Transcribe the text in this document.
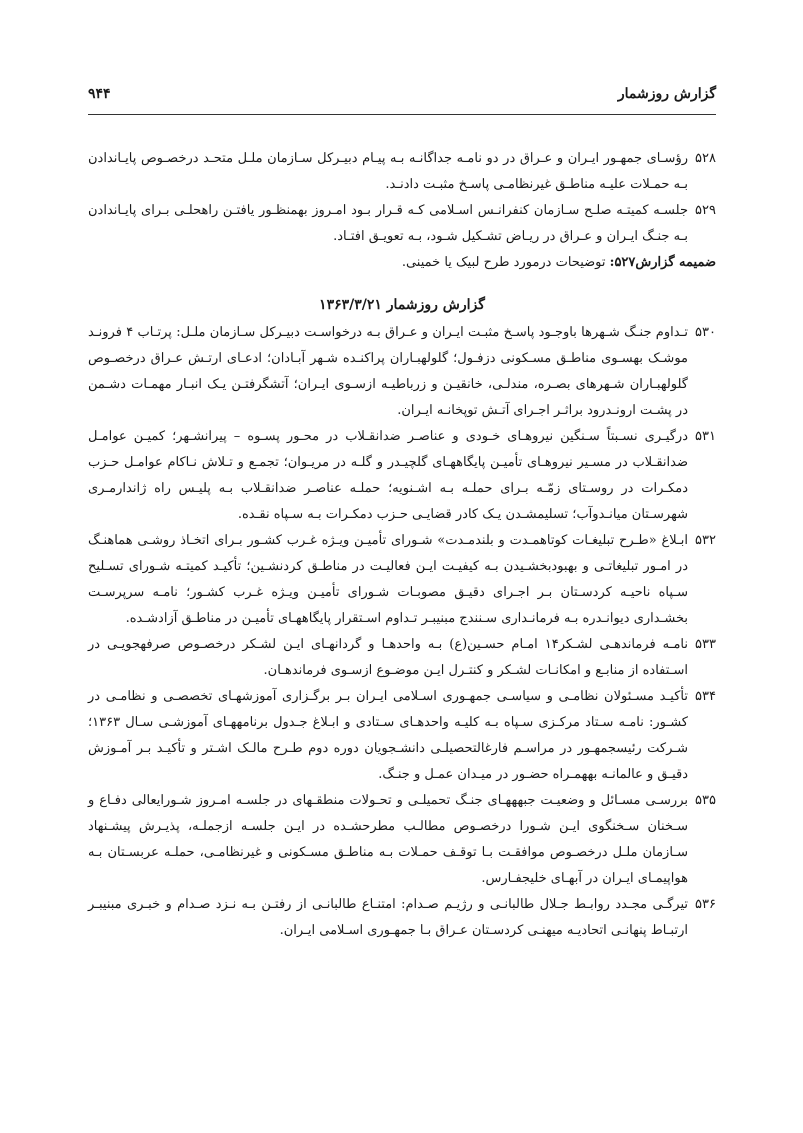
گزارش روزشمار
۹۴۴
۵۲۸
رؤسـای جمهـور ایـران و عـراق در دو نامـه جداگانـه بـه پیـام دبیـرکل سـازمان ملـل متحـد درخصـوص پایـاندادن بـه حمـلات علیـه مناطـق غیرنظامـی پاسـخ مثبـت دادنـد.
۵۲۹
جلسـه کمیتـه صلـح سـازمان کنفرانـس اسـلامی کـه قـرار بـود امـروز بهمنظـور یافتـن راهحلـی بـرای پایـاندادن بـه جنـگ ایـران و عـراق در ریـاض تشـکیل شـود، بـه تعویـق افتـاد.
ضمیمه گزارش۵۲۷: توضیحات درمورد طرح لبیک یا خمینی.
گزارش روزشمار ۱۳۶۳/۳/۲۱
۵۳۰
تـداوم جنـگ شـهرها باوجـود پاسـخ مثبـت ایـران و عـراق بـه درخواسـت دبیـرکل سـازمان ملـل: پرتـاب ۴ فرونـد موشـک بهسـوی مناطـق مسـکونی دزفـول؛ گلولهبـاران پراکنـده شـهر آبـادان؛ ادعـای ارتـش عـراق درخصـوص گلولهبـاران شـهرهای بصـره، مندلـی، خانقیـن و زرباطیـه ازسـوی ایـران؛ آتشگرفتـن یـک انبـار مهمـات دشـمن در پشـت ارونـدرود براثـر اجـرای آتـش توپخانـه ایـران.
۵۳۱
درگیـری نسـبتاً سـنگین نیروهـای خـودی و عناصـر ضدانقـلاب در محـور پسـوه – پیرانشـهر؛ کمیـن عوامـل ضدانقـلاب در مسـیر نیروهـای تأمیـن پایگاههـای گلچیـدر و گلـه در مریـوان؛ تجمـع و تـلاش نـاکام عوامـل حـزب دمکـرات در روسـتای زمّـه بـرای حملـه بـه اشـنویه؛ حملـه عناصـر ضدانقـلاب بـه پلیـس راه ژاندارمـری شهرسـتان میانـدوآب؛ تسلیمشـدن یـک کادر قضایـی حـزب دمکـرات بـه سـپاه نقـده.
۵۳۲
ابـلاغ «طـرح تبلیغـات کوتاهمـدت و بلندمـدت» شـورای تأمیـن ویـژه غـرب کشـور بـرای اتخـاذ روشـی هماهنـگ در امـور تبلیغاتـی و بهبودبخشـیدن بـه کیفیـت ایـن فعالیـت در مناطـق کردنشـین؛ تأکیـد کمیتـه شـورای تسـلیح سـپاه ناحیـه کردسـتان بـر اجـرای دقیـق مصوبـات شـورای تأمیـن ویـژه غـرب کشـور؛ نامـه سرپرسـت بخشـداری دیوانـدره بـه فرمانـداری سـنندج مبنیبـر تـداوم اسـتقرار پایگاههـای تأمیـن در مناطـق آزادشـده.
۵۳۳
نامـه فرماندهـی لشـکر۱۴ امـام حسـین(ع) بـه واحدهـا و گردانهـای ایـن لشـکر درخصـوص صرفهجویـی در اسـتفاده از منابـع و امکانـات لشـکر و کنتـرل ایـن موضـوع ازسـوی فرماندهـان.
۵۳۴
تأکیـد مسـئولان نظامـی و سیاسـی جمهـوری اسـلامی ایـران بـر برگـزاری آموزشهـای تخصصـی و نظامـی در کشـور: نامـه سـتاد مرکـزی سـپاه بـه کلیـه واحدهـای سـتادی و ابـلاغ جـدول برنامههـای آموزشـی سـال ۱۳۶۳؛ شـرکت رئیسجمهـور در مراسـم فارغالتحصیلـی دانشـجویان دوره دوم طـرح مالـک اشـتر و تأکیـد بـر آمـوزش دقیـق و عالمانـه بههمـراه حضـور در میـدان عمـل و جنـگ.
۵۳۵
بررسـی مسـائل و وضعیـت جبهههـای جنـگ تحمیلـی و تحـولات منطقـهای در جلسـه امـروز شـورایعالی دفـاع و سـخنان سـخنگوی ایـن شـورا درخصـوص مطالـب مطرحشـده در ایـن جلسـه ازجملـه، پذیـرش پیشـنهاد سـازمان ملـل درخصـوص موافقـت بـا توقـف حمـلات بـه مناطـق مسـکونی و غیرنظامـی، حملـه عربسـتان بـه هواپیمـای ایـران در آبهـای خلیجفـارس.
۵۳۶
تیرگـی مجـدد روابـط جـلال طالبانـی و رژیـم صـدام: امتنـاع طالبانـی از رفتـن بـه نـزد صـدام و خبـری مبنیبـر ارتبـاط پنهانـی اتحادیـه میهنـی کردسـتان عـراق بـا جمهـوری اسـلامی ایـران.
